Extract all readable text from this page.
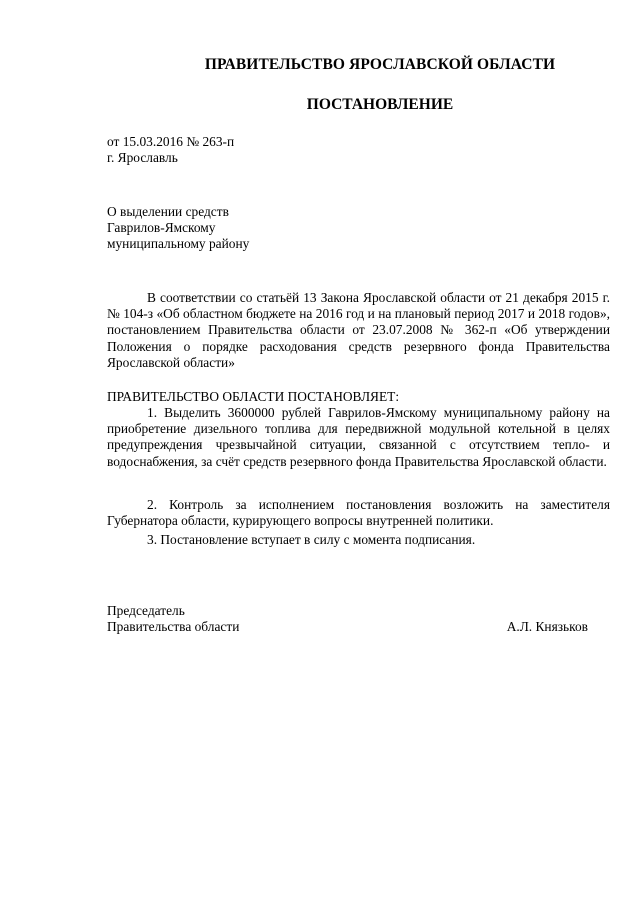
ПРАВИТЕЛЬСТВО ЯРОСЛАВСКОЙ ОБЛАСТИ
ПОСТАНОВЛЕНИЕ
от 15.03.2016 № 263-п
г. Ярославль
О выделении средств
Гаврилов-Ямскому
муниципальному району
В соответствии со статьёй 13 Закона Ярославской области от 21 декабря 2015 г. № 104-з «Об областном бюджете на 2016 год и на плановый период 2017 и 2018 годов», постановлением Правительства области от 23.07.2008 № 362-п «Об утверждении Положения о порядке расходования средств резервного фонда Правительства Ярославской области»
ПРАВИТЕЛЬСТВО ОБЛАСТИ ПОСТАНОВЛЯЕТ:
1. Выделить 3600000 рублей Гаврилов-Ямскому муниципальному району на приобретение дизельного топлива для передвижной модульной котельной в целях предупреждения чрезвычайной ситуации, связанной с отсутствием тепло- и водоснабжения, за счёт средств резервного фонда Правительства Ярославской области.
2. Контроль за исполнением постановления возложить на заместителя Губернатора области, курирующего вопросы внутренней политики.
3. Постановление вступает в силу с момента подписания.
Председатель
Правительства области	А.Л. Князьков
